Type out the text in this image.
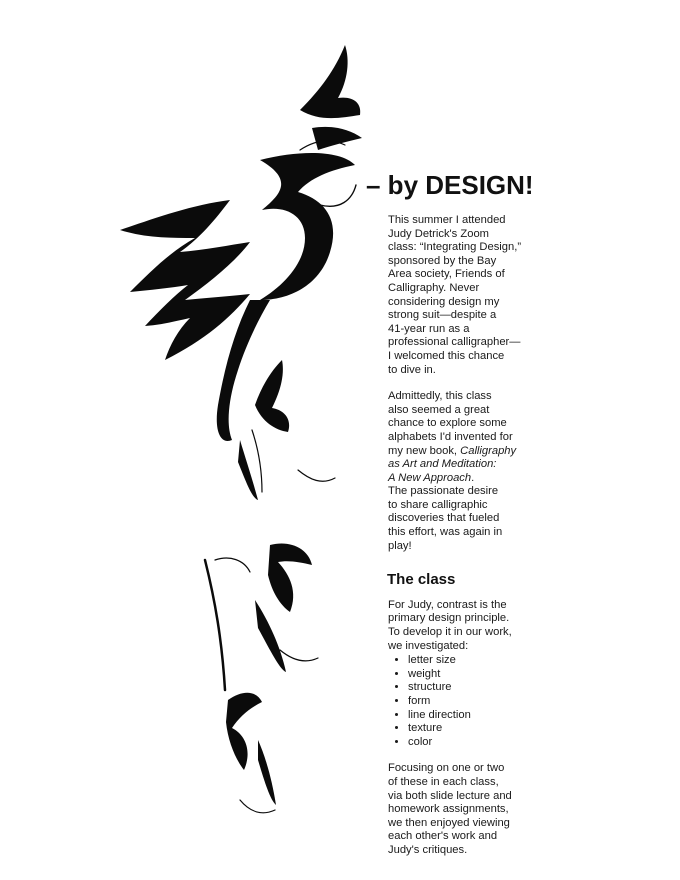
– by DESIGN!

This summer I attended
Judy Detrick's Zoom
class: “Integrating Design,”
sponsored by the Bay
Area society, Friends of
Calligraphy. Never
considering design my
strong suit—despite a
41-year run as a
professional calligrapher—
I welcomed this chance
to dive in.

Admittedly, this class
also seemed a great
chance to explore some
alphabets I'd invented for
my new book, Calligraphy
as Art and Meditation:
A New Approach.
The passionate desire
to share calligraphic
discoveries that fueled
this effort, was again in
play!

The class

For Judy, contrast is the
primary design principle.
To develop it in our work,
we investigated:

• letter size
• weight
• structure
• form
• line direction
• texture
• color

Focusing on one or two
of these in each class,
via both slide lecture and
homework assignments,
we then enjoyed viewing
each other's work and
Judy's critiques.
